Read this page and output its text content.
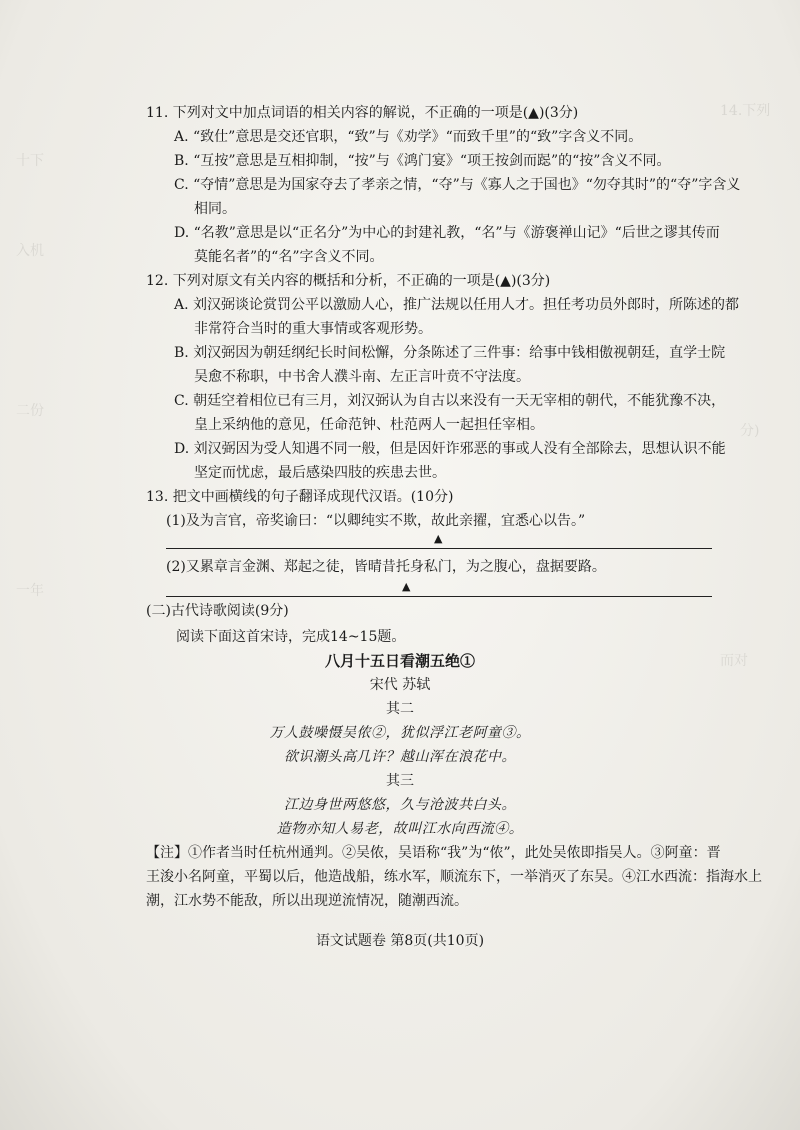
十下
入机
二份
一年
14.下列
分)
而对
11. 下列对文中加点词语的相关内容的解说，不正确的一项是(▲)(3分)
A. “致仕”意思是交还官职，“致”与《劝学》“而致千里”的“致”字含义不同。
B. “互按”意思是互相抑制，“按”与《鸿门宴》“项王按剑而跽”的“按”含义不同。
C. “夺情”意思是为国家夺去了孝亲之情，“夺”与《寡人之于国也》“勿夺其时”的“夺”字含义
相同。
D. “名教”意思是以“正名分”为中心的封建礼教，“名”与《游褒禅山记》“后世之谬其传而
莫能名者”的“名”字含义不同。
12. 下列对原文有关内容的概括和分析，不正确的一项是(▲)(3分)
A. 刘汉弼谈论赏罚公平以激励人心，推广法规以任用人才。担任考功员外郎时，所陈述的都
非常符合当时的重大事情或客观形势。
B. 刘汉弼因为朝廷纲纪长时间松懈，分条陈述了三件事：给事中钱相傲视朝廷，直学士院
吴愈不称职，中书舍人濮斗南、左正言叶贲不守法度。
C. 朝廷空着相位已有三月，刘汉弼认为自古以来没有一天无宰相的朝代，不能犹豫不决，
皇上采纳他的意见，任命范钟、杜范两人一起担任宰相。
D. 刘汉弼因为受人知遇不同一般，但是因奸诈邪恶的事或人没有全部除去，思想认识不能
坚定而忧虑，最后感染四肢的疾患去世。
13. 把文中画横线的句子翻译成现代汉语。(10分)
(1)及为言官，帝奖谕曰：“以卿纯实不欺，故此亲擢，宜悉心以告。”
▲
(2)又累章言金渊、郑起之徒，皆晴昔托身私门，为之腹心，盘据要路。
▲
(二)古代诗歌阅读(9分)
阅读下面这首宋诗，完成14~15题。
八月十五日看潮五绝①
宋代 苏轼
其二
万人鼓噪慑吴侬②，犹似浮江老阿童③。
欲识潮头高几许？越山浑在浪花中。
其三
江边身世两悠悠，久与沧波共白头。
造物亦知人易老，故叫江水向西流④。
【注】①作者当时任杭州通判。②吴侬，吴语称“我”为“侬”，此处吴侬即指吴人。③阿童：晋
王浚小名阿童，平蜀以后，他造战船，练水军，顺流东下，一举消灭了东吴。④江水西流：指海水上
潮，江水势不能敌，所以出现逆流情况，随潮西流。
语文试题卷 第8页(共10页)
